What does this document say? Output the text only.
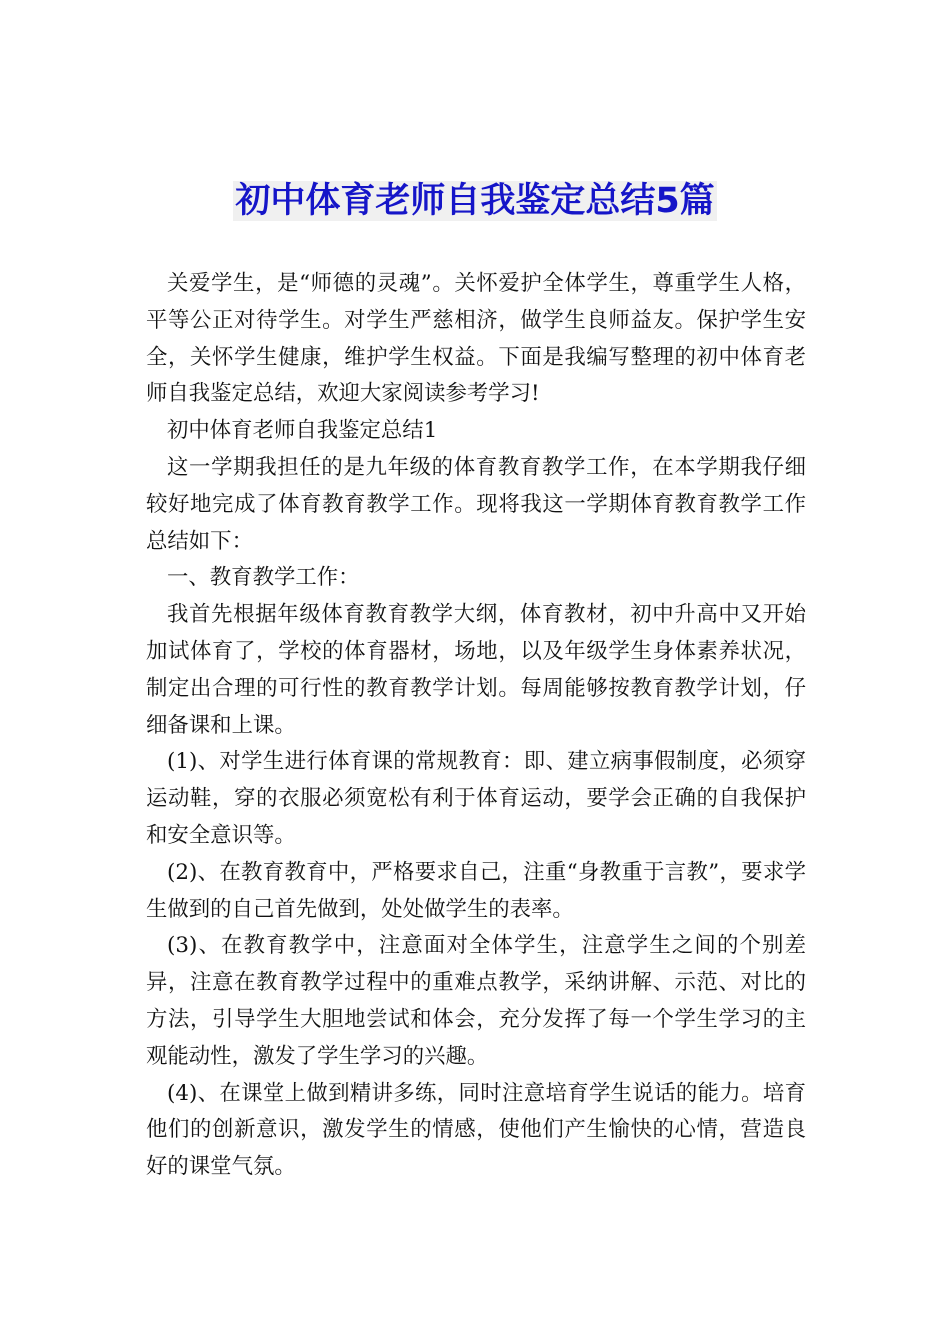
初中体育老师自我鉴定总结5篇

关爱学生，是“师德的灵魂”。关怀爱护全体学生，尊重学生人格，平等公正对待学生。对学生严慈相济，做学生良师益友。保护学生安全，关怀学生健康，维护学生权益。下面是我编写整理的初中体育老师自我鉴定总结，欢迎大家阅读参考学习!

初中体育老师自我鉴定总结1

这一学期我担任的是九年级的体育教育教学工作，在本学期我仔细较好地完成了体育教育教学工作。现将我这一学期体育教育教学工作总结如下：

一、教育教学工作：

我首先根据年级体育教育教学大纲，体育教材，初中升高中又开始加试体育了，学校的体育器材，场地，以及年级学生身体素养状况，制定出合理的可行性的教育教学计划。每周能够按教育教学计划，仔细备课和上课。

(1)、对学生进行体育课的常规教育：即、建立病事假制度，必须穿运动鞋，穿的衣服必须宽松有利于体育运动，要学会正确的自我保护和安全意识等。

(2)、在教育教育中，严格要求自己，注重“身教重于言教”，要求学生做到的自己首先做到，处处做学生的表率。

(3)、在教育教学中，注意面对全体学生，注意学生之间的个别差异，注意在教育教学过程中的重难点教学，采纳讲解、示范、对比的方法，引导学生大胆地尝试和体会，充分发挥了每一个学生学习的主观能动性，激发了学生学习的兴趣。

(4)、在课堂上做到精讲多练，同时注意培育学生说话的能力。培育他们的创新意识，激发学生的情感，使他们产生愉快的心情，营造良好的课堂气氛。
